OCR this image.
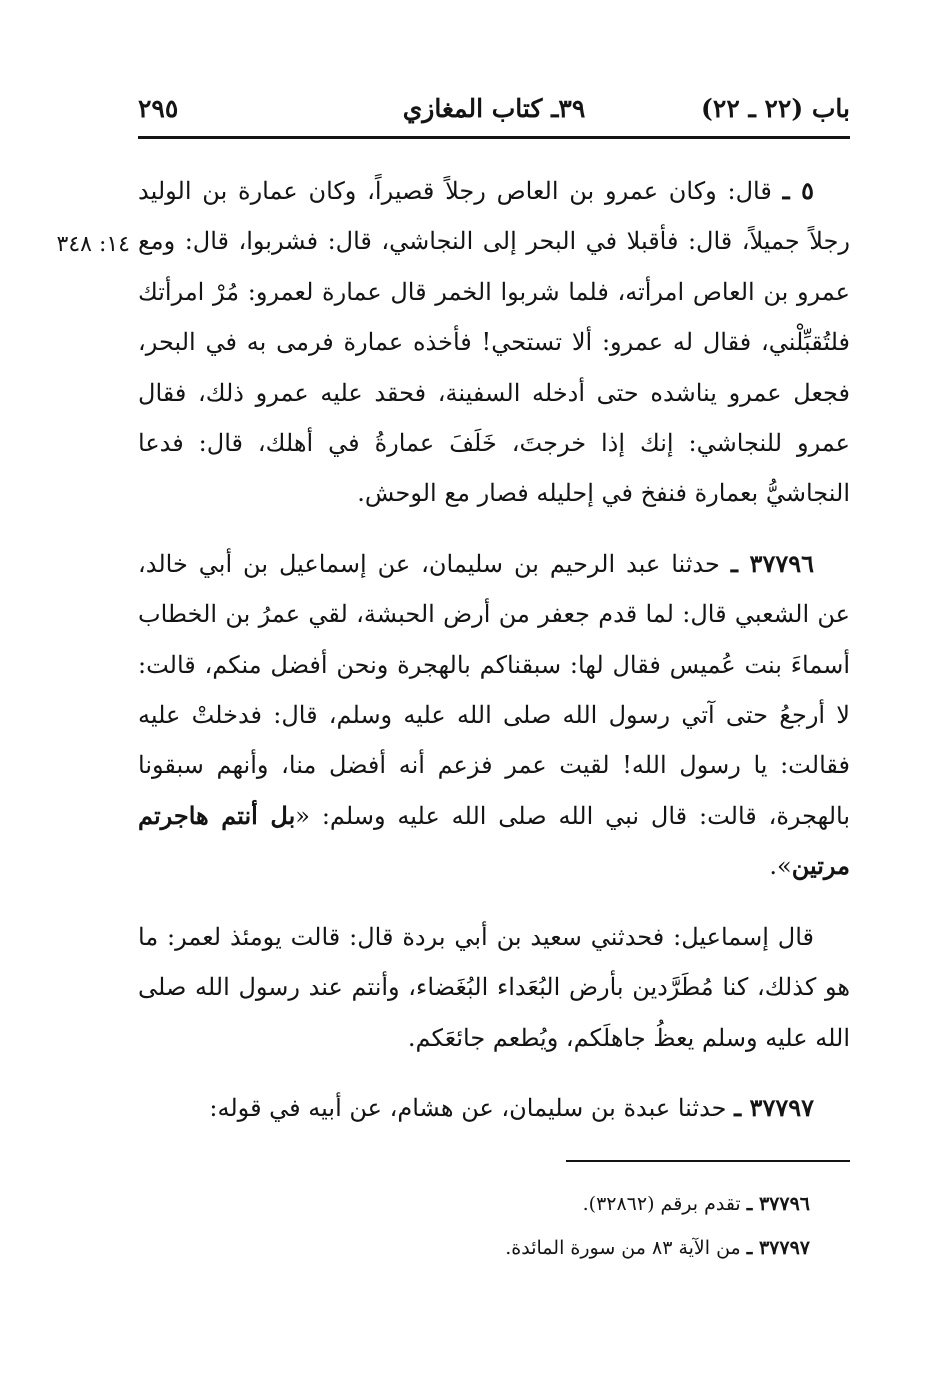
باب (٢٢ ـ ٢٢)
٣٩ـ كتاب المغازي
٢٩٥
١٤: ٣٤٨

٥ ـ قال: وكان عمرو بن العاص رجلاً قصيراً، وكان عمارة بن الوليد رجلاً جميلاً، قال: فأقبلا في البحر إلى النجاشي، قال: فشربوا، قال: ومع عمرو بن العاص امرأته، فلما شربوا الخمر قال عمارة لعمرو: مُرْ امرأتك فلتُقبِّلْني، فقال له عمرو: ألا تستحي! فأخذه عمارة فرمى به في البحر، فجعل عمرو يناشده حتى أدخله السفينة، فحقد عليه عمرو ذلك، فقال عمرو للنجاشي: إنك إذا خرجتَ، خَلَفَ عمارةُ في أهلك، قال: فدعا النجاشيُّ بعمارة فنفخ في إحليله فصار مع الوحش.

٣٧٧٩٦ ـ حدثنا عبد الرحيم بن سليمان، عن إسماعيل بن أبي خالد، عن الشعبي قال: لما قدم جعفر من أرض الحبشة، لقي عمرُ بن الخطاب أسماءَ بنت عُميس فقال لها: سبقناكم بالهجرة ونحن أفضل منكم، قالت: لا أرجعُ حتى آتي رسول الله صلى الله عليه وسلم، قال: فدخلتْ عليه فقالت: يا رسول الله! لقيت عمر فزعم أنه أفضل منا، وأنهم سبقونا بالهجرة، قالت: قال نبي الله صلى الله عليه وسلم: «بل أنتم هاجرتم مرتين».

قال إسماعيل: فحدثني سعيد بن أبي بردة قال: قالت يومئذ لعمر: ما هو كذلك، كنا مُطَرَّدين بأرض البُعَداء البُغَضاء، وأنتم عند رسول الله صلى الله عليه وسلم يعظُ جاهلَكم، ويُطعم جائعَكم.

٣٧٧٩٧ ـ حدثنا عبدة بن سليمان، عن هشام، عن أبيه في قوله:

٣٧٧٩٦ ـ تقدم برقم (٣٢٨٦٢).

٣٧٧٩٧ ـ من الآية ٨٣ من سورة المائدة.
